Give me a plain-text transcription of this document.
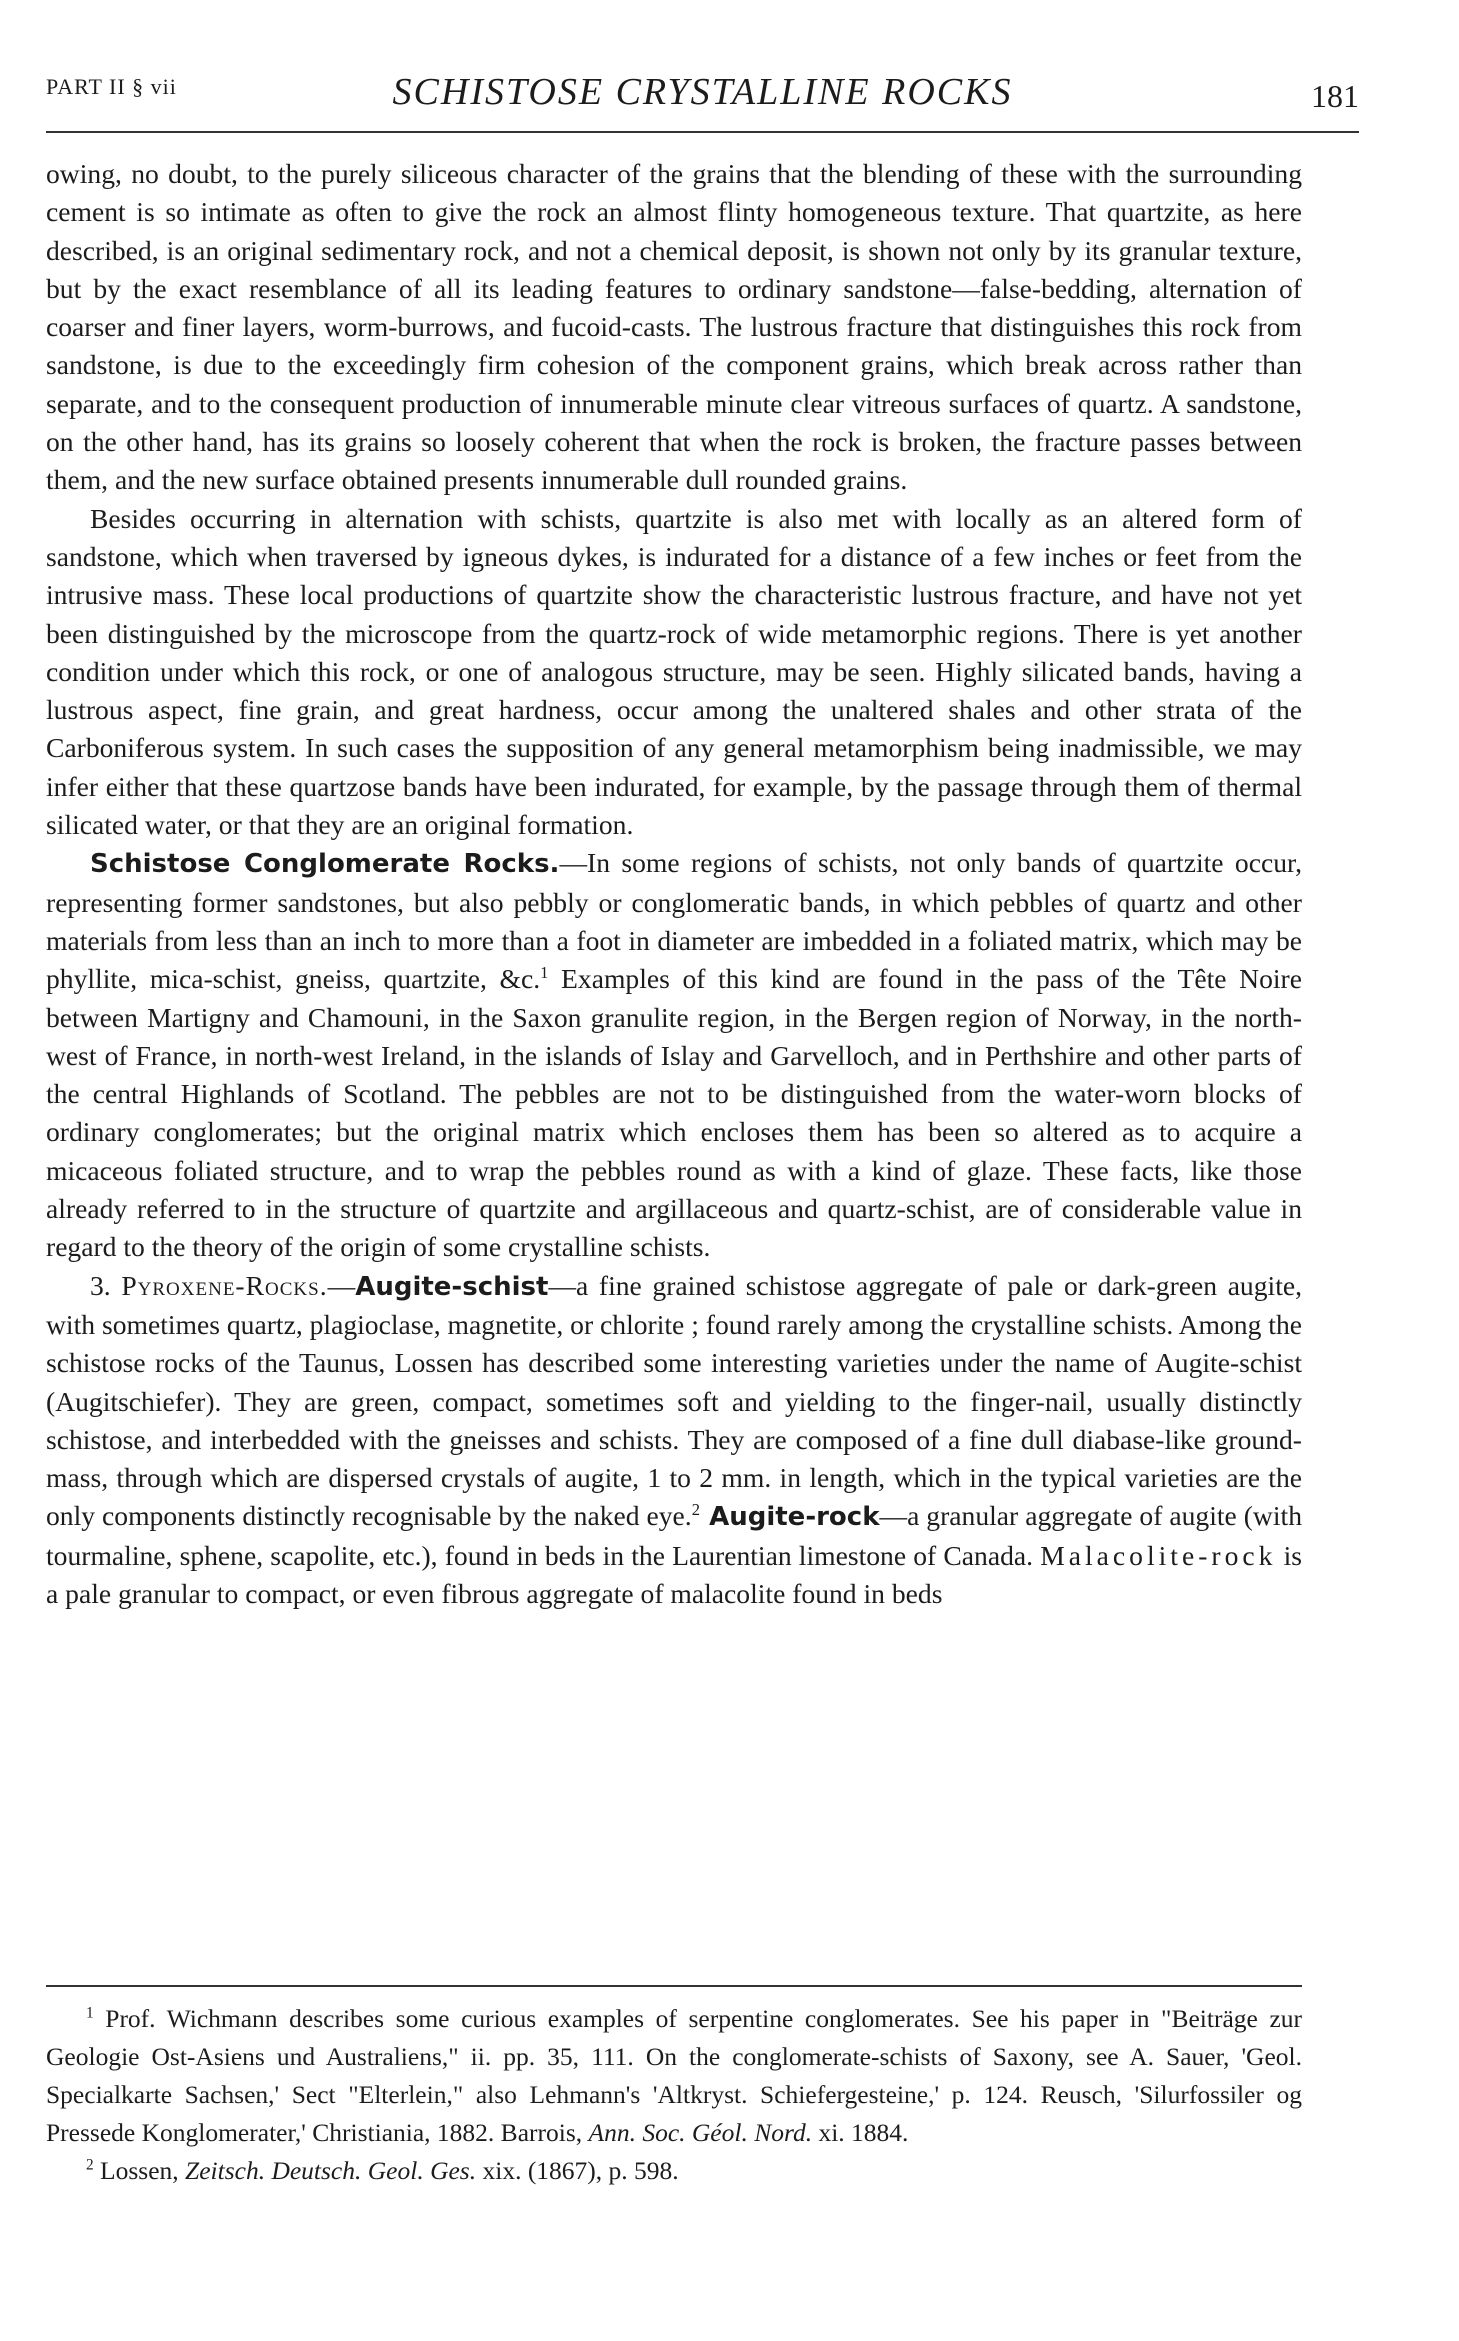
PART II § vii	SCHISTOSE CRYSTALLINE ROCKS	181

owing, no doubt, to the purely siliceous character of the grains that the blending of these with the surrounding cement is so intimate as often to give the rock an almost flinty homogeneous texture. That quartzite, as here described, is an original sedimentary rock, and not a chemical deposit, is shown not only by its granular texture, but by the exact resemblance of all its leading features to ordinary sandstone—false-bedding, alternation of coarser and finer layers, worm-burrows, and fucoid-casts. The lustrous fracture that distinguishes this rock from sandstone, is due to the exceedingly firm cohesion of the component grains, which break across rather than separate, and to the consequent production of innumerable minute clear vitreous surfaces of quartz. A sandstone, on the other hand, has its grains so loosely coherent that when the rock is broken, the fracture passes between them, and the new surface obtained presents innumerable dull rounded grains.

Besides occurring in alternation with schists, quartzite is also met with locally as an altered form of sandstone, which when traversed by igneous dykes, is indurated for a distance of a few inches or feet from the intrusive mass. These local productions of quartzite show the characteristic lustrous fracture, and have not yet been distinguished by the microscope from the quartz-rock of wide metamorphic regions. There is yet another condition under which this rock, or one of analogous structure, may be seen. Highly silicated bands, having a lustrous aspect, fine grain, and great hardness, occur among the unaltered shales and other strata of the Carboniferous system. In such cases the supposition of any general metamorphism being inadmissible, we may infer either that these quartzose bands have been indurated, for example, by the passage through them of thermal silicated water, or that they are an original formation.

Schistose Conglomerate Rocks.—In some regions of schists, not only bands of quartzite occur, representing former sandstones, but also pebbly or conglomeratic bands, in which pebbles of quartz and other materials from less than an inch to more than a foot in diameter are imbedded in a foliated matrix, which may be phyllite, mica-schist, gneiss, quartzite, &c.$^1$ Examples of this kind are found in the pass of the Tête Noire between Martigny and Chamouni, in the Saxon granulite region, in the Bergen region of Norway, in the north-west of France, in north-west Ireland, in the islands of Islay and Garvelloch, and in Perthshire and other parts of the central Highlands of Scotland. The pebbles are not to be distinguished from the water-worn blocks of ordinary conglomerates; but the original matrix which encloses them has been so altered as to acquire a micaceous foliated structure, and to wrap the pebbles round as with a kind of glaze. These facts, like those already referred to in the structure of quartzite and argillaceous and quartz-schist, are of considerable value in regard to the theory of the origin of some crystalline schists.

3. Pyroxene-Rocks.—Augite-schist—a fine grained schistose aggregate of pale or dark-green augite, with sometimes quartz, plagioclase, magnetite, or chlorite ; found rarely among the crystalline schists. Among the schistose rocks of the Taunus, Lossen has described some interesting varieties under the name of Augite-schist (Augitschiefer). They are green, compact, sometimes soft and yielding to the finger-nail, usually distinctly schistose, and interbedded with the gneisses and schists. They are composed of a fine dull diabase-like ground-mass, through which are dispersed crystals of augite, 1 to 2 mm. in length, which in the typical varieties are the only components distinctly recognisable by the naked eye.$^2$ Augite-rock—a granular aggregate of augite (with tourmaline, sphene, scapolite, etc.), found in beds in the Laurentian limestone of Canada. Malacolite-rock is a pale granular to compact, or even fibrous aggregate of malacolite found in beds

$^1$ Prof. Wichmann describes some curious examples of serpentine conglomerates. See his paper in "Beiträge zur Geologie Ost-Asiens und Australiens," ii. pp. 35, 111. On the conglomerate-schists of Saxony, see A. Sauer, 'Geol. Specialkarte Sachsen,' Sect "Elterlein," also Lehmann's 'Altkryst. Schiefergesteine,' p. 124. Reusch, 'Silurfossiler og Pressede Konglomerater,' Christiania, 1882. Barrois, Ann. Soc. Géol. Nord. xi. 1884.

$^2$ Lossen, Zeitsch. Deutsch. Geol. Ges. xix. (1867), p. 598.
